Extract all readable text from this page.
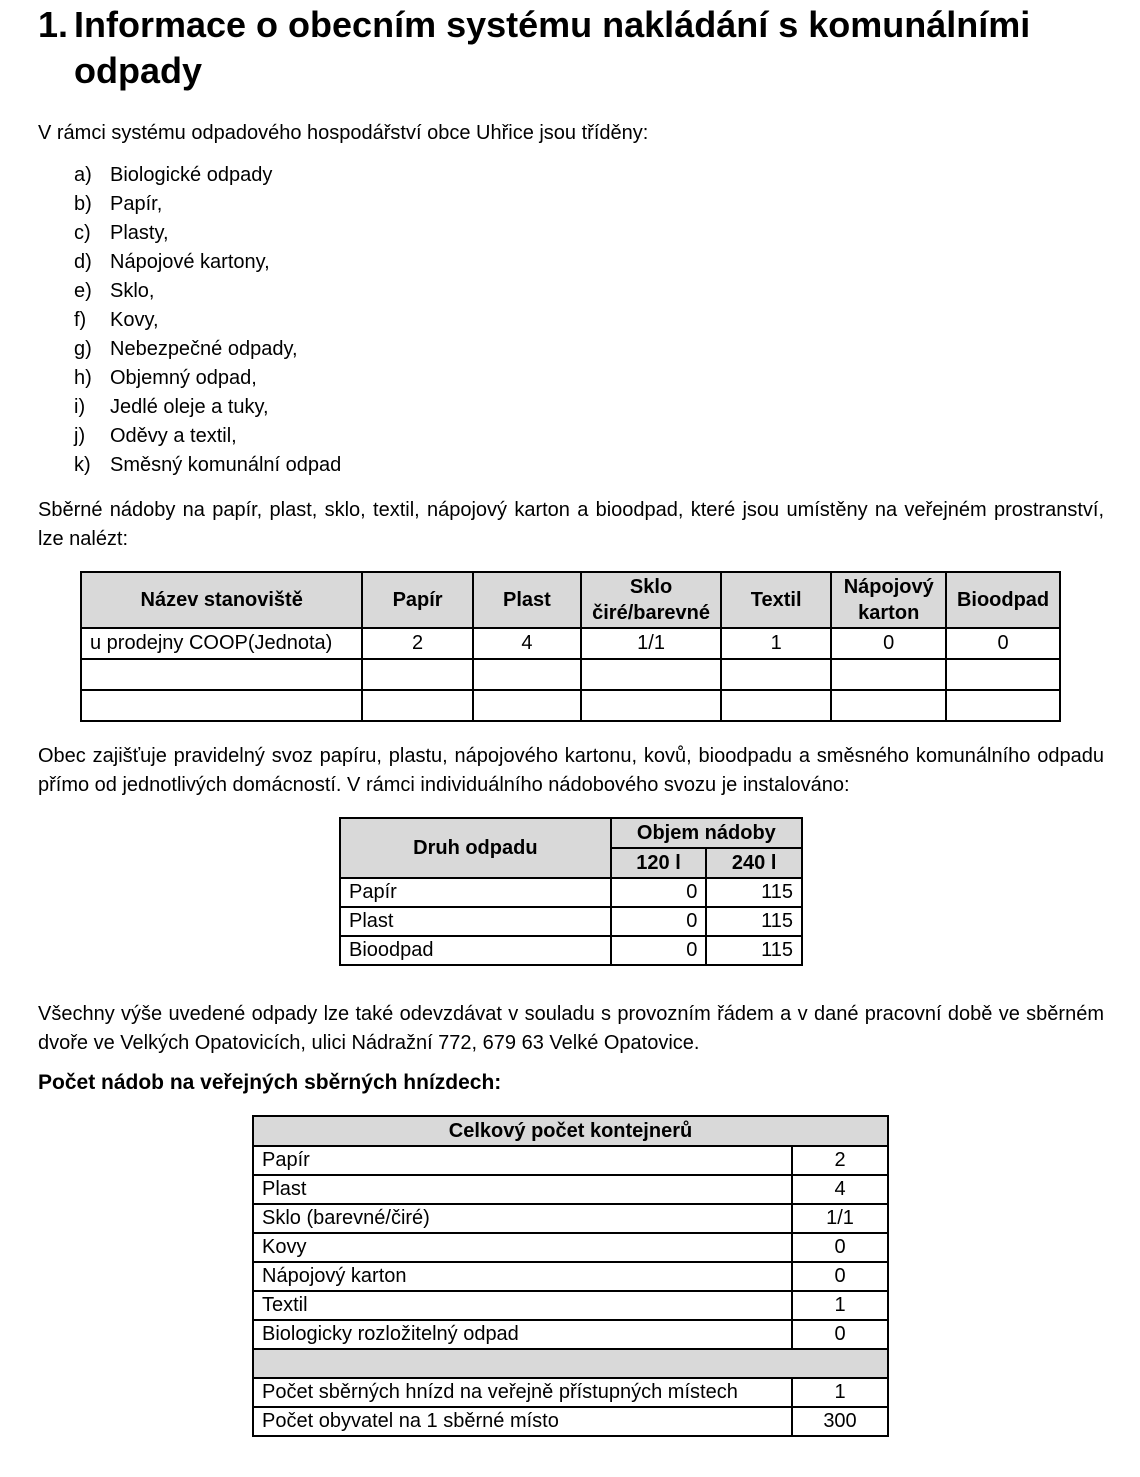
1. Informace o obecním systému nakládání s komunálními odpady

V rámci systému odpadového hospodářství obce Uhřice jsou tříděny:

a) Biologické odpady
b) Papír,
c) Plasty,
d) Nápojové kartony,
e) Sklo,
f) Kovy,
g) Nebezpečné odpady,
h) Objemný odpad,
i) Jedlé oleje a tuky,
j) Oděvy a textil,
k) Směsný komunální odpad

Sběrné nádoby na papír, plast, sklo, textil, nápojový karton a bioodpad, které jsou umístěny na veřejném prostranství, lze nalézt:

Název stanoviště	Papír	Plast	Sklo čiré/barevné	Textil	Nápojový karton	Bioodpad
u prodejny COOP(Jednota)	2	4	1/1	1	0	0

Obec zajišťuje pravidelný svoz papíru, plastu, nápojového kartonu, kovů, bioodpadu a směsného komunálního odpadu přímo od jednotlivých domácností. V rámci individuálního nádobového svozu je instalováno:

Druh odpadu	Objem nádoby	
	120 l	240 l
Papír	0	115
Plast	0	115
Bioodpad	0	115

Všechny výše uvedené odpady lze také odevzdávat v souladu s provozním řádem a v dané pracovní době ve sběrném dvoře ve Velkých Opatovicích, ulici Nádražní 772, 679 63 Velké Opatovice.

Počet nádob na veřejných sběrných hnízdech:
Celkový počet kontejnerů	
Papír	2
Plast	4
Sklo (barevné/čiré)	1/1
Kovy	0
Nápojový karton	0
Textil	1
Biologicky rozložitelný odpad	0

Počet sběrných hnízd na veřejně přístupných místech	1
Počet obyvatel na 1 sběrné místo	300
